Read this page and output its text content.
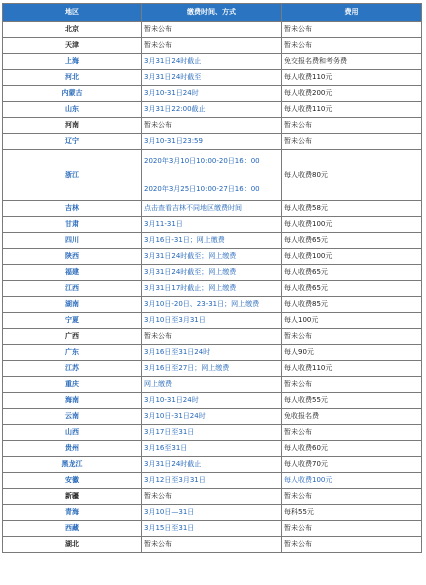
地区	缴费时间、方式	费用
北京	暂未公布	暂未公布
天津	暂未公布	暂未公布
上海	3月31日24时截止	免交报名费和考务费
河北	3月31日24时截至	每人收费110元
内蒙古	3月10-31日24时	每人收费200元
山东	3月31日22:00截止	每人收费110元
河南	暂未公布	暂未公布
辽宁	3月10-31日23:59	暂未公布
浙江	2020年3月10日10:00-20日16：00
2020年3月25日10:00-27日16：00	每人收费80元
吉林	点击查看吉林不同地区缴费时间	每人收费58元
甘肃	3月11-31日	每人收费100元
四川	3月16日-31日；网上缴费	每人收费65元
陕西	3月31日24时截至；网上缴费	每人收费100元
福建	3月31日24时截至；网上缴费	每人收费65元
江西	3月31日17时截止；网上缴费	每人收费65元
湖南	3月10日-20日、23-31日；网上缴费	每人收费85元
宁夏	3月10日至3月31日	每人100元
广西	暂未公布	暂未公布
广东	3月16日至31日24时	每人90元
江苏	3月16日至27日；网上缴费	每人收费110元
重庆	网上缴费	暂未公布
海南	3月10-31日24时	每人收费55元
云南	3月10日-31日24时	免收报名费
山西	3月17日至31日	暂未公布
贵州	3月16至31日	每人收费60元
黑龙江	3月31日24时截止	每人收费70元
安徽	3月12日至3月31日	每人收费100元
新疆	暂未公布	暂未公布
青海	3月10日—31日	每科55元
西藏	3月15日至31日	暂未公布
湖北	暂未公布	暂未公布
